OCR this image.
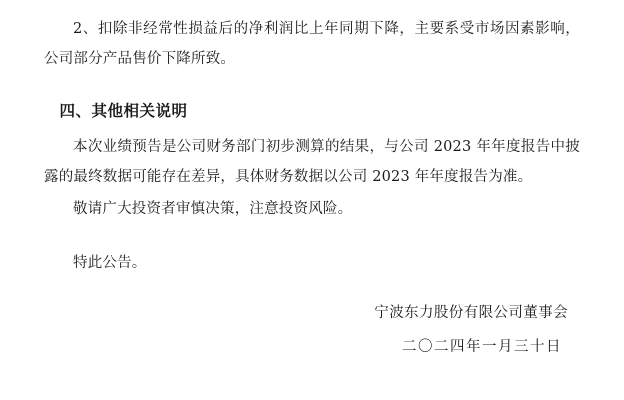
2、扣除非经常性损益后的净利润比上年同期下降，主要系受市场因素影响，公司部分产品售价下降所致。

四、其他相关说明

本次业绩预告是公司财务部门初步测算的结果，与公司 2023 年年度报告中披露的最终数据可能存在差异，具体财务数据以公司 2023 年年度报告为准。

敬请广大投资者审慎决策，注意投资风险。

特此公告。

宁波东力股份有限公司董事会
二〇二四年一月三十日
